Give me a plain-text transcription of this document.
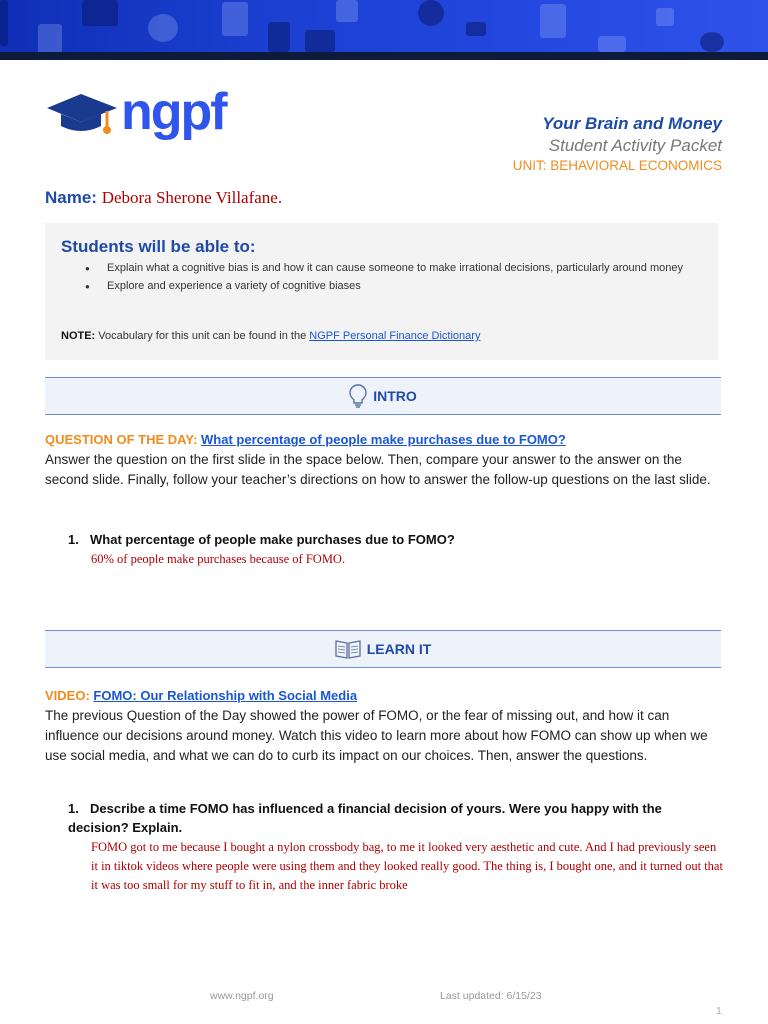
ngpf	Your Brain and Money
Student Activity Packet
UNIT: BEHAVIORAL ECONOMICS
Name: Debora Sherone Villafane.
Students will be able to:
● Explain what a cognitive bias is and how it can cause someone to make irrational decisions, particularly around money
● Explore and experience a variety of cognitive biases
NOTE: Vocabulary for this unit can be found in the NGPF Personal Finance Dictionary
INTRO
QUESTION OF THE DAY: What percentage of people make purchases due to FOMO?
Answer the question on the first slide in the space below. Then, compare your answer to the answer on the second slide. Finally, follow your teacher’s directions on how to answer the follow-up questions on the last slide.
1. What percentage of people make purchases due to FOMO?
60% of people make purchases because of FOMO.
LEARN IT
VIDEO: FOMO: Our Relationship with Social Media
The previous Question of the Day showed the power of FOMO, or the fear of missing out, and how it can influence our decisions around money. Watch this video to learn more about how FOMO can show up when we use social media, and what we can do to curb its impact on our choices. Then, answer the questions.
1. Describe a time FOMO has influenced a financial decision of yours. Were you happy with the decision? Explain.
FOMO got to me because I bought a nylon crossbody bag, to me it looked very aesthetic and cute. And I had previously seen it in tiktok videos where people were using them and they looked really good. The thing is, I bought one, and it turned out that it was too small for my stuff to fit in, and the inner fabric broke
www.ngpf.org	Last updated: 6/15/23
1
